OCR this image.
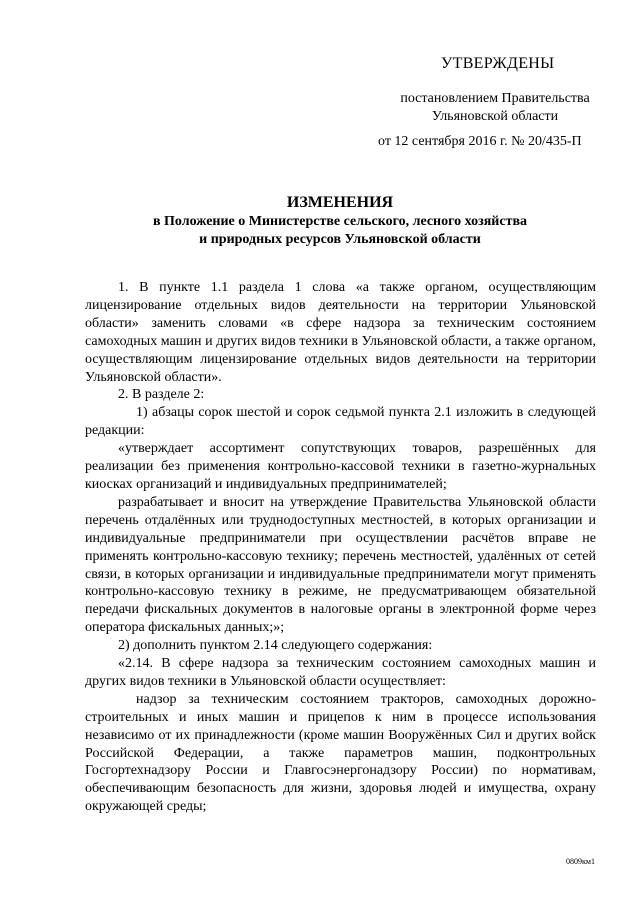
УТВЕРЖДЕНЫ
постановлением Правительства
Ульяновской области
от 12 сентября 2016 г. № 20/435-П
ИЗМЕНЕНИЯ
в Положение о Министерстве сельского, лесного хозяйства
и природных ресурсов Ульяновской области

1. В пункте 1.1 раздела 1 слова «а также органом, осуществляющим лицензирование отдельных видов деятельности на территории Ульяновской области» заменить словами «в сфере надзора за техническим состоянием самоходных машин и других видов техники в Ульяновской области, а также органом, осуществляющим лицензирование отдельных видов деятельности на территории Ульяновской области».

2. В разделе 2:

1) абзацы сорок шестой и сорок седьмой пункта 2.1 изложить в следующей редакции:

«утверждает ассортимент сопутствующих товаров, разрешённых для реализации без применения контрольно-кассовой техники в газетно-журнальных киосках организаций и индивидуальных предпринимателей;

разрабатывает и вносит на утверждение Правительства Ульяновской области перечень отдалённых или труднодоступных местностей, в которых организации и индивидуальные предприниматели при осуществлении расчётов вправе не применять контрольно-кассовую технику; перечень местностей, удалённых от сетей связи, в которых организации и индивидуальные предприниматели могут применять контрольно-кассовую технику в режиме, не предусматривающем обязательной передачи фискальных документов в налоговые органы в электронной форме через оператора фискальных данных;»;

2) дополнить пунктом 2.14 следующего содержания:

«2.14. В сфере надзора за техническим состоянием самоходных машин и других видов техники в Ульяновской области осуществляет:

надзор за техническим состоянием тракторов, самоходных дорожно-строительных и иных машин и прицепов к ним в процессе использования независимо от их принадлежности (кроме машин Вооружённых Сил и других войск Российской Федерации, а также параметров машин, подконтрольных Госгортехнадзору России и Главгосэнергонадзору России) по нормативам, обеспечивающим безопасность для жизни, здоровья людей и имущества, охрану окружающей среды;

0809км1
